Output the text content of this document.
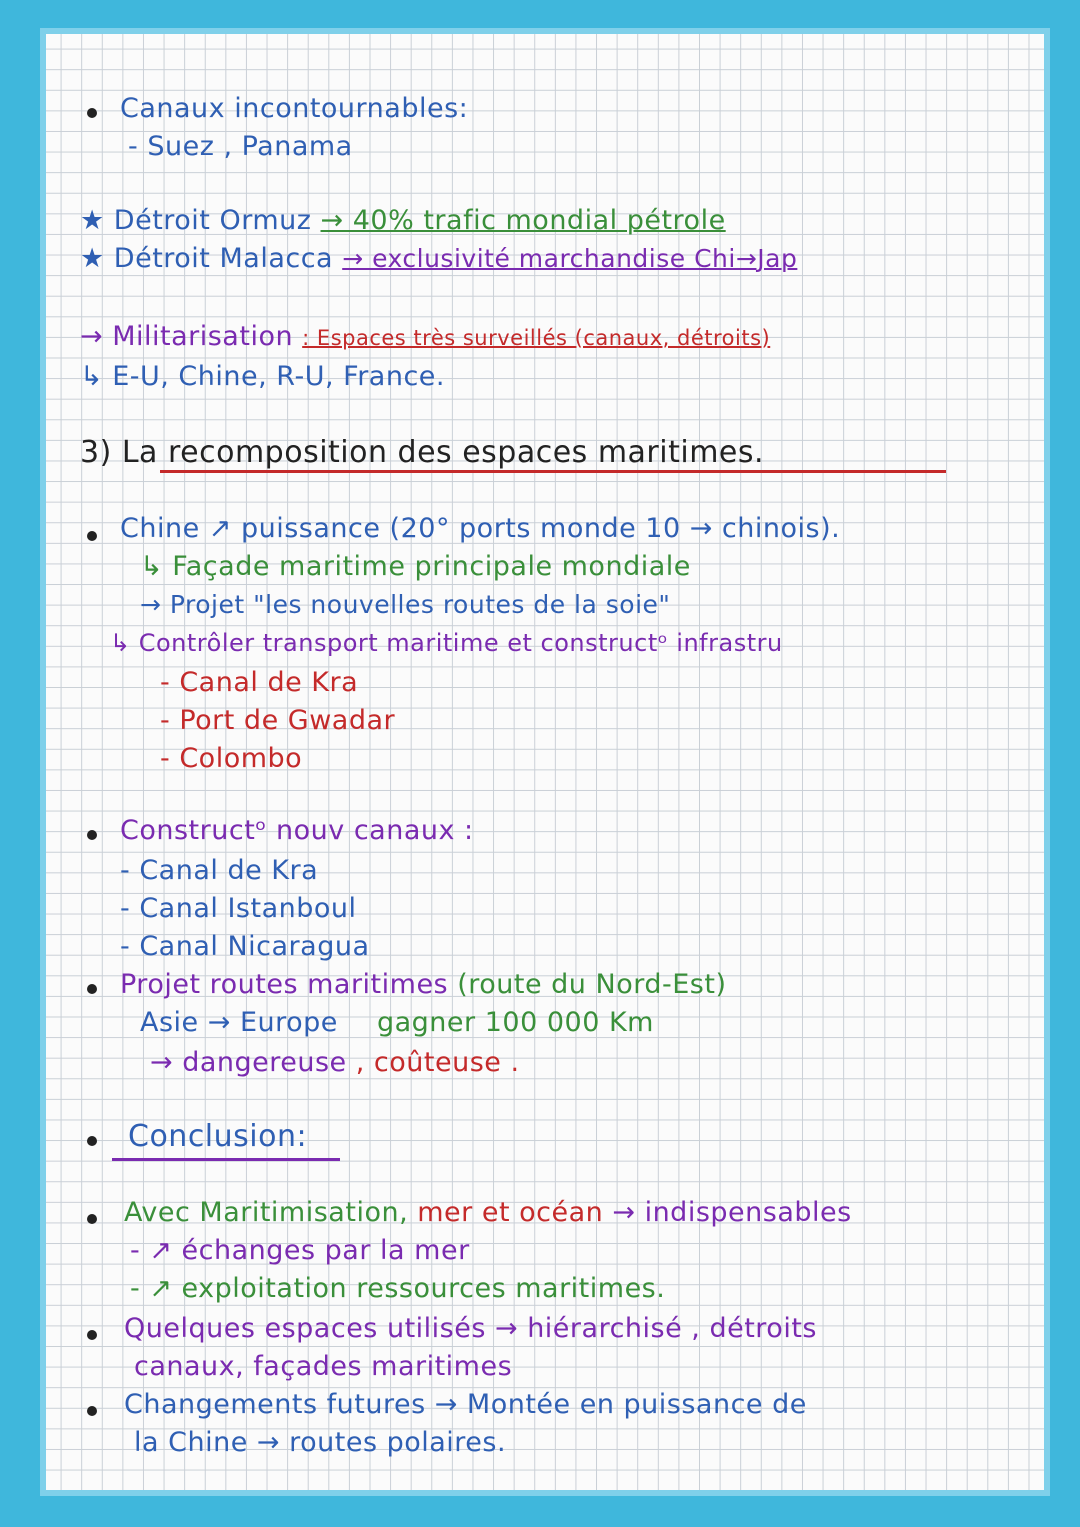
Canaux incontournables:
- Suez , Panama
★ Détroit Ormuz → 40% trafic mondial pétrole
★ Détroit Malacca → exclusivité marchandise Chi→Jap
→ Militarisation : Espaces très surveillés (canaux, détroits)
↳ E-U, Chine, R-U, France.
3) La recomposition des espaces maritimes.
Chine ↗ puissance (20° ports monde 10 → chinois).
↳ Façade maritime principale mondiale
→ Projet "les nouvelles routes de la soie"
↳ Contrôler transport maritime et constructᵒ infrastru
- Canal de Kra
- Port de Gwadar
- Colombo
Constructᵒ nouv canaux :
- Canal de Kra
- Canal Istanboul
- Canal Nicaragua
Projet routes maritimes (route du Nord-Est)
Asie → Europe gagner 100 000 Km
→ dangereuse , coûteuse .
Conclusion:
Avec Maritimisation, mer et océan → indispensables
- ↗ échanges par la mer
- ↗ exploitation ressources maritimes.
Quelques espaces utilisés → hiérarchisé , détroits
canaux, façades maritimes
Changements futures → Montée en puissance de
la Chine → routes polaires.
